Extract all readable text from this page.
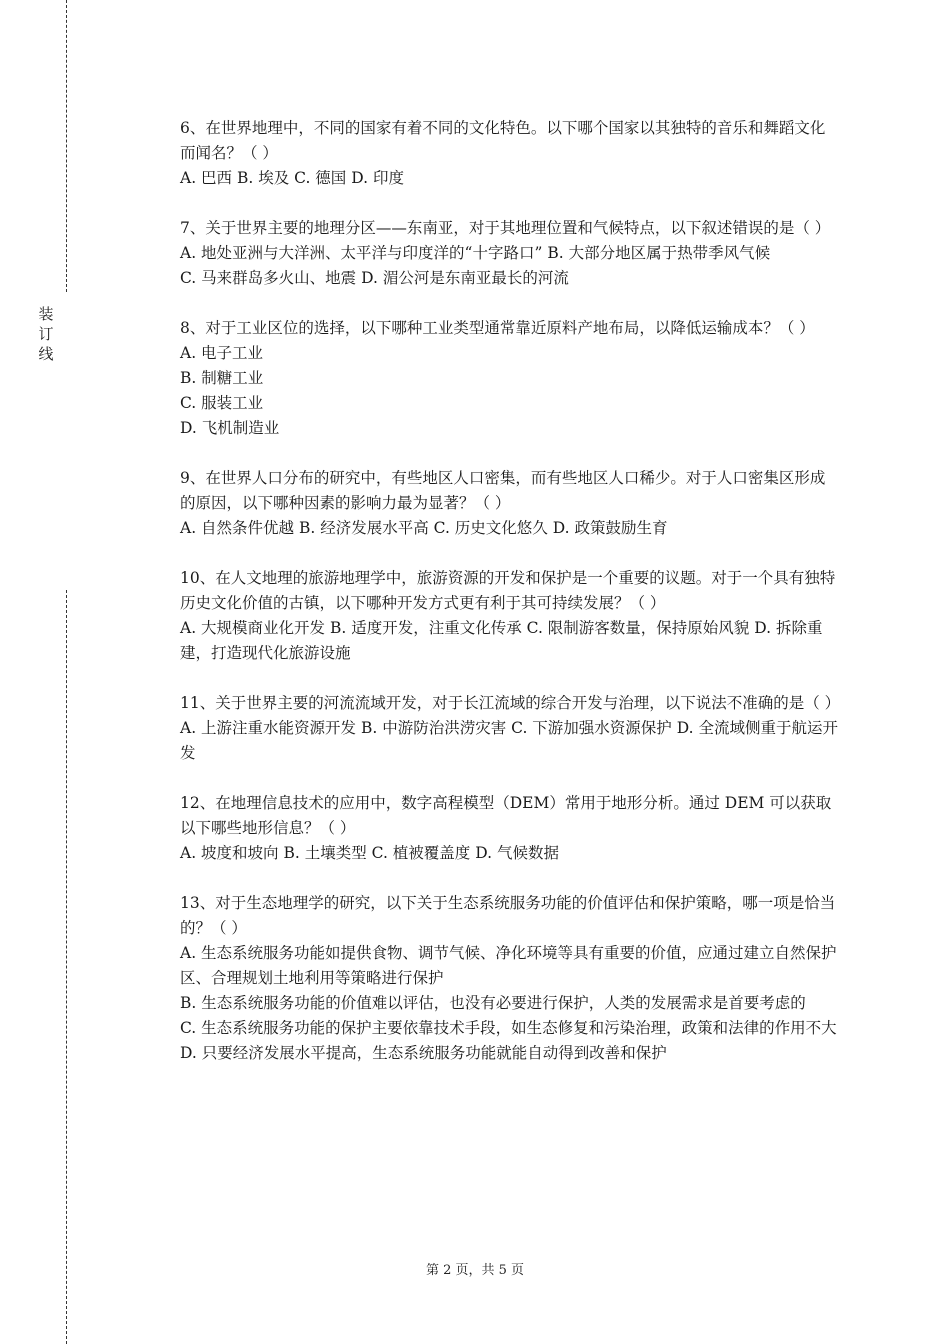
装
订
线

6、在世界地理中，不同的国家有着不同的文化特色。以下哪个国家以其独特的音乐和舞蹈文化而闻名？（ ）

A. 巴西 B. 埃及 C. 德国 D. 印度

7、关于世界主要的地理分区——东南亚，对于其地理位置和气候特点，以下叙述错误的是（ ）

A. 地处亚洲与大洋洲、太平洋与印度洋的“十字路口” B. 大部分地区属于热带季风气候

C. 马来群岛多火山、地震 D. 湄公河是东南亚最长的河流

8、对于工业区位的选择，以下哪种工业类型通常靠近原料产地布局，以降低运输成本？（ ）

A. 电子工业

B. 制糖工业

C. 服装工业

D. 飞机制造业

9、在世界人口分布的研究中，有些地区人口密集，而有些地区人口稀少。对于人口密集区形成的原因，以下哪种因素的影响力最为显著？（ ）

A. 自然条件优越 B. 经济发展水平高 C. 历史文化悠久 D. 政策鼓励生育

10、在人文地理的旅游地理学中，旅游资源的开发和保护是一个重要的议题。对于一个具有独特历史文化价值的古镇，以下哪种开发方式更有利于其可持续发展？（ ）

A. 大规模商业化开发 B. 适度开发，注重文化传承 C. 限制游客数量，保持原始风貌 D. 拆除重建，打造现代化旅游设施

11、关于世界主要的河流流域开发，对于长江流域的综合开发与治理，以下说法不准确的是（ ）

A. 上游注重水能资源开发 B. 中游防治洪涝灾害 C. 下游加强水资源保护 D. 全流域侧重于航运开发

12、在地理信息技术的应用中，数字高程模型（DEM）常用于地形分析。通过 DEM 可以获取以下哪些地形信息？（ ）

A. 坡度和坡向 B. 土壤类型 C. 植被覆盖度 D. 气候数据

13、对于生态地理学的研究，以下关于生态系统服务功能的价值评估和保护策略，哪一项是恰当的？（ ）

A. 生态系统服务功能如提供食物、调节气候、净化环境等具有重要的价值，应通过建立自然保护区、合理规划土地利用等策略进行保护

B. 生态系统服务功能的价值难以评估，也没有必要进行保护，人类的发展需求是首要考虑的

C. 生态系统服务功能的保护主要依靠技术手段，如生态修复和污染治理，政策和法律的作用不大

D. 只要经济发展水平提高，生态系统服务功能就能自动得到改善和保护

第 2 页，共 5 页
